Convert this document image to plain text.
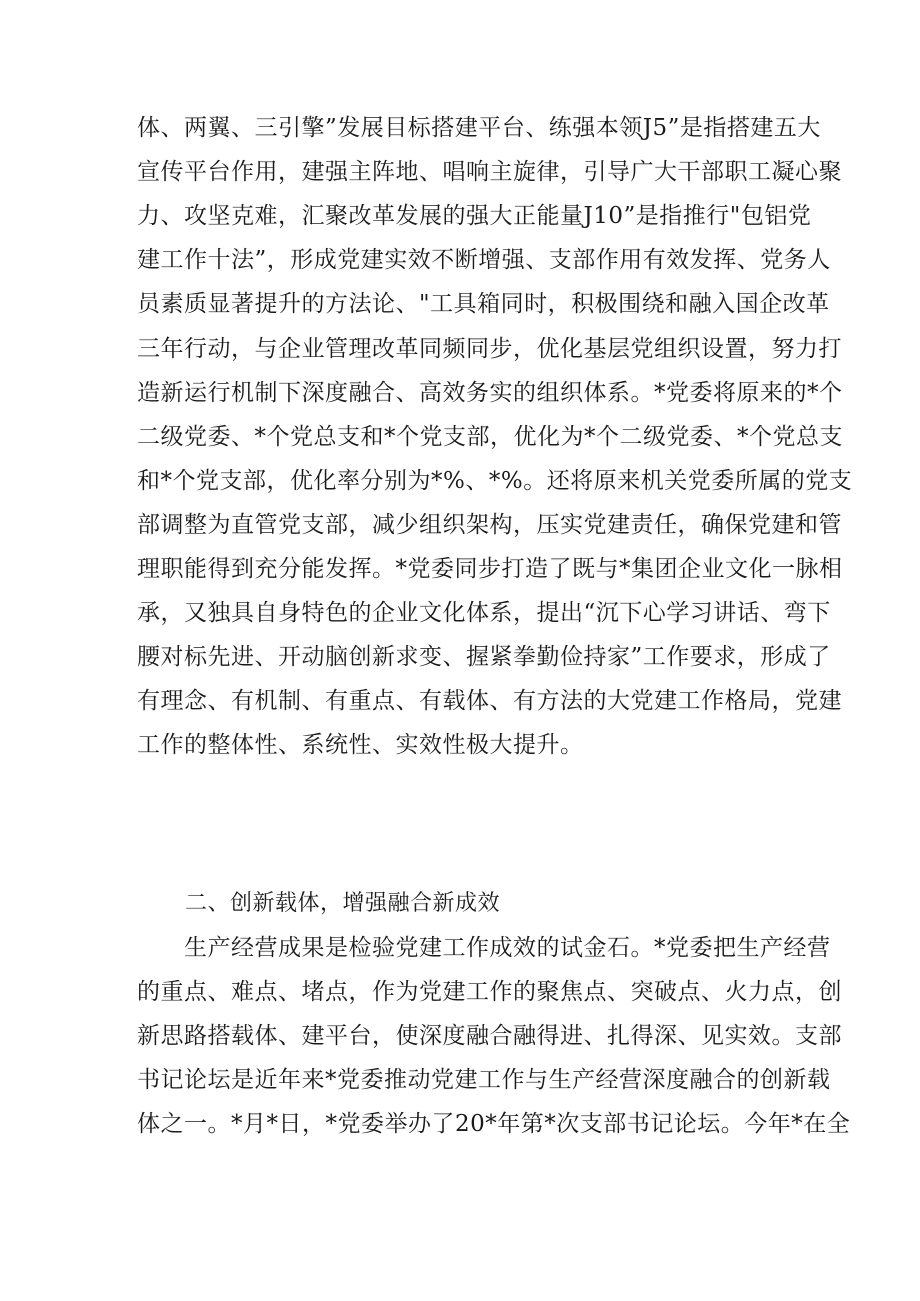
体、两翼、三引擎”发展目标搭建平台、练强本领J5”是指搭建五大
宣传平台作用，建强主阵地、唱响主旋律，引导广大干部职工凝心聚
力、攻坚克难，汇聚改革发展的强大正能量J10”是指推行"包铝党
建工作十法”，形成党建实效不断增强、支部作用有效发挥、党务人
员素质显著提升的方法论、"工具箱同时，积极围绕和融入国企改革
三年行动，与企业管理改革同频同步，优化基层党组织设置，努力打
造新运行机制下深度融合、高效务实的组织体系。*党委将原来的*个
二级党委、*个党总支和*个党支部，优化为*个二级党委、*个党总支
和*个党支部，优化率分别为*%、*%。还将原来机关党委所属的党支
部调整为直管党支部，减少组织架构，压实党建责任，确保党建和管
理职能得到充分能发挥。*党委同步打造了既与*集团企业文化一脉相
承，又独具自身特色的企业文化体系，提出“沉下心学习讲话、弯下
腰对标先进、开动脑创新求变、握紧拳勤俭持家”工作要求，形成了
有理念、有机制、有重点、有载体、有方法的大党建工作格局，党建
工作的整体性、系统性、实效性极大提升。
二、创新载体，增强融合新成效
生产经营成果是检验党建工作成效的试金石。*党委把生产经营
的重点、难点、堵点，作为党建工作的聚焦点、突破点、火力点，创
新思路搭载体、建平台，使深度融合融得进、扎得深、见实效。支部
书记论坛是近年来*党委推动党建工作与生产经营深度融合的创新载
体之一。*月*日，*党委举办了20*年第*次支部书记论坛。今年*在全
